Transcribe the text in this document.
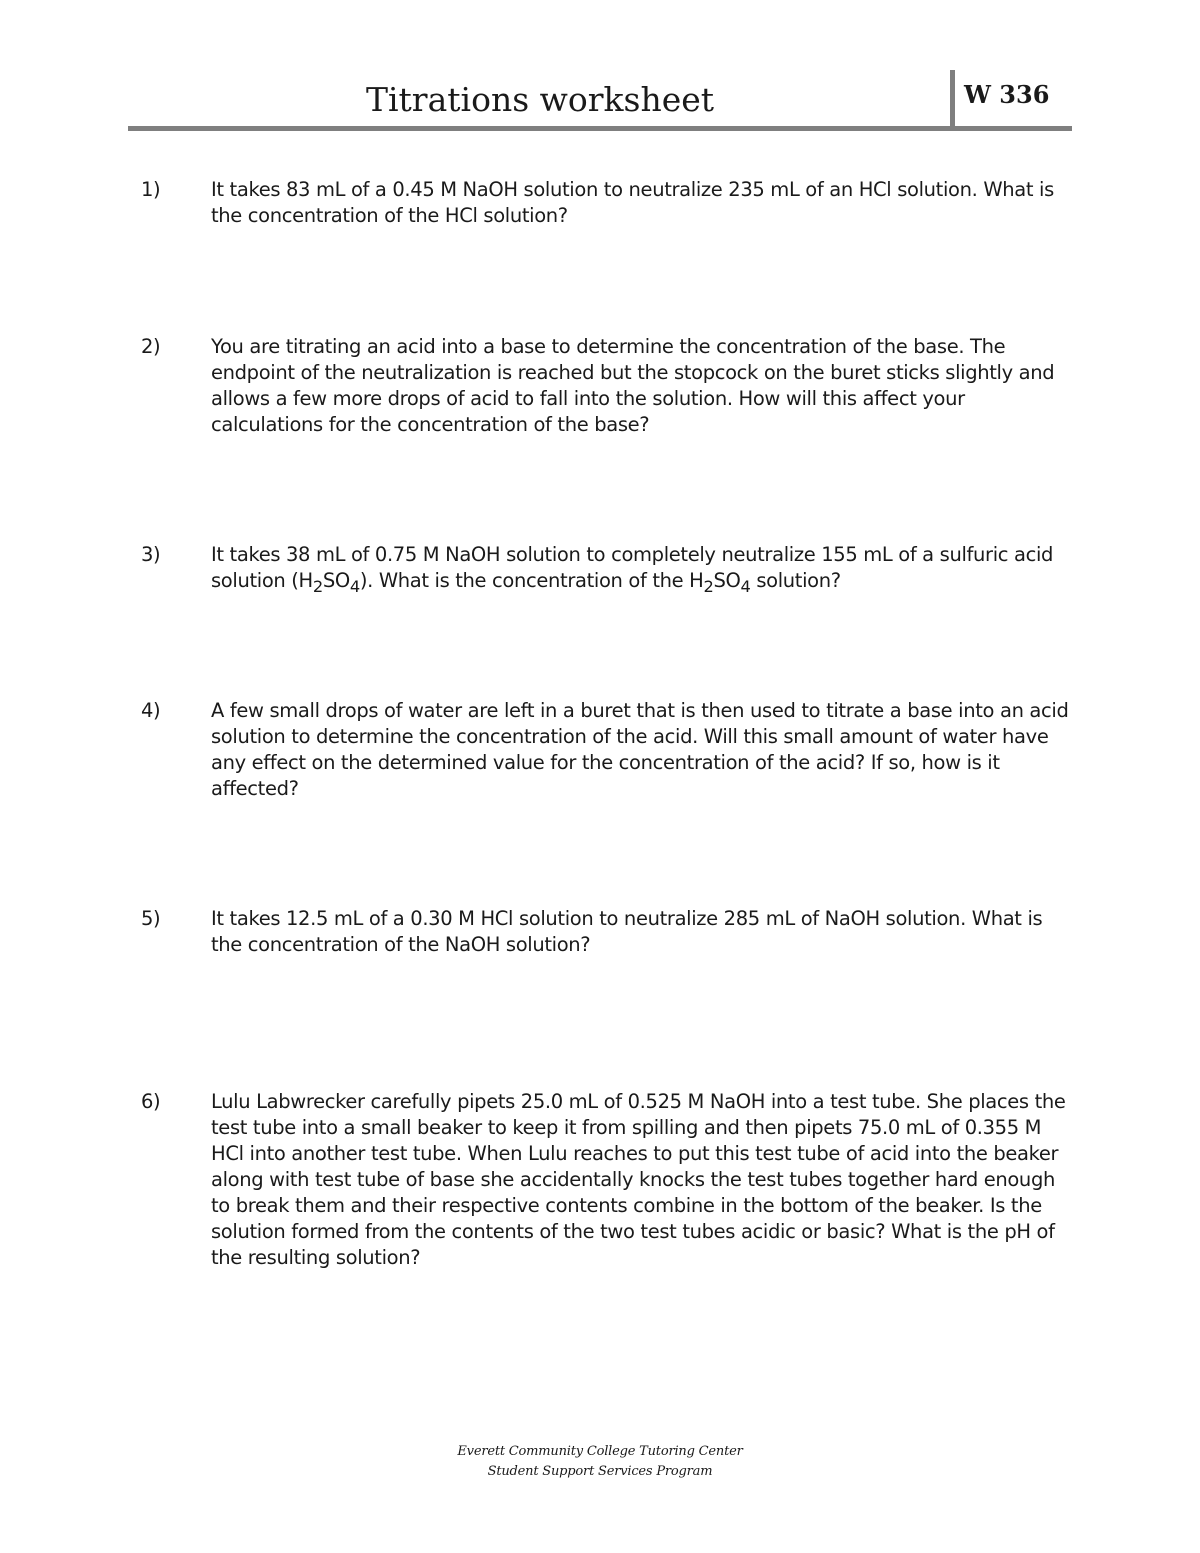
Titrations worksheet	W 336
1)	It takes 83 mL of a 0.45 M NaOH solution to neutralize 235 mL of an HCl solution. What is the concentration of the HCl solution?
2)	You are titrating an acid into a base to determine the concentration of the base. The endpoint of the neutralization is reached but the stopcock on the buret sticks slightly and allows a few more drops of acid to fall into the solution. How will this affect your calculations for the concentration of the base?
3)	It takes 38 mL of 0.75 M NaOH solution to completely neutralize 155 mL of a sulfuric acid solution $(H_2SO_4)$. What is the concentration of the $H_2SO_4$ solution?
4)	A few small drops of water are left in a buret that is then used to titrate a base into an acid solution to determine the concentration of the acid. Will this small amount of water have any effect on the determined value for the concentration of the acid? If so, how is it affected?
5)	It takes 12.5 mL of a 0.30 M HCl solution to neutralize 285 mL of NaOH solution. What is the concentration of the NaOH solution?
6)	Lulu Labwrecker carefully pipets 25.0 mL of 0.525 M NaOH into a test tube. She places the test tube into a small beaker to keep it from spilling and then pipets 75.0 mL of 0.355 M HCl into another test tube. When Lulu reaches to put this test tube of acid into the beaker along with test tube of base she accidentally knocks the test tubes together hard enough to break them and their respective contents combine in the bottom of the beaker. Is the solution formed from the contents of the two test tubes acidic or basic? What is the pH of the resulting solution?
Everett Community College Tutoring Center
Student Support Services Program
